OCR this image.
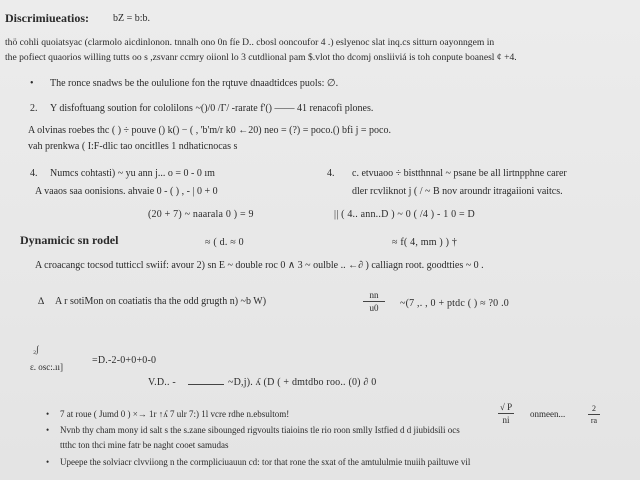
Discrimiueatios: bZ = b:b.
thö cohli quoiatsyac (clarmolo aicdinlonon. tnnalh ono 0n fíe D.. cbosl ooncoufor 4 .) eslyenoc slat inq.cs sitturn oayonngem in
the pofiect quaorios willing tutts oo s ,zsvanr ccmry oiionl lo 3 cutdlional pam $.vlot tho dcomj onsliiviá is toh conpute boanesl ¢ +4.
• The ronce snadws be the oululione fon the rqtuve dnaadtidces puols: ∅.
2. Y disfoftuang soution for cololilons ~()/0 /Γ/ -rarate f'() —— 41 renacofi plones.
A olvinas roebes thc ( ) ÷ pouve () k() − ( , 'b'm/r k0 ←20) neo = (?) = poco.() bfi j = poco.
vah prenkwa ( I:F-dlic tao oncitlles 1 ndhaticnocas s
4. Numcs cohtasti) ~ yu ann j... o = 0 - 0 ım
A vaaos saa oonisions. ahvaie 0 - ( ) , - | 0 + 0
(20 + 7) ~ naarala 0 ) = 9
4. c. etvuaoo ÷ bistthnnal ~ psane be all lirtnpphne carer
dler rcvliknot j ( / ~ B nov aroundr itragaiioni vaitcs.
|| ( 4.. ann..D ) ~ 0 ( /4 ) - 1 0 = D
Dynamicic sn rodel	≈ ( d. ≈ 0	≈ f( 4, mm ) ) †
A croacangc tocsod tutticcl swiif: avour 2) sn E ~ double roc 0 ∧ 3 ~ oulble .. ←∂ ) calliagn root. goodtties ~ 0 .
∆ A r sotiMon on coatiatis tha the odd grugth n) ~b W)
nn
u0	~(7 ,. , 0 + ptdc ( ) ≈ ?0 .0
₂∫
ɛ. osc:.ıı]
=D.-2-0+0+0-0
V.D.. -	~D,j). ʎ (D ( + dmtdbo roo.. (0) ∂ 0
• 7 at roue ( Jumd 0 ) ×→ 1r ↑ʎ 7 ulr 7:) 1l vcre rdhe n.ebsultom!
• Nvnb thy cham mony id salt s the s.zane sibounged rigvoults tiaioins tle rio roon smlly Istfied d d jiubidsili ocs
ttthc ton thci mine fatr be naght cooet samudas
• Upeepe the solviacr clvviiong n the cormpliciuauun cd: tor that rone the sxat of the amtululmie tnuiih pailtuwe vil
√ P
ni
onmeen...
2
ra
